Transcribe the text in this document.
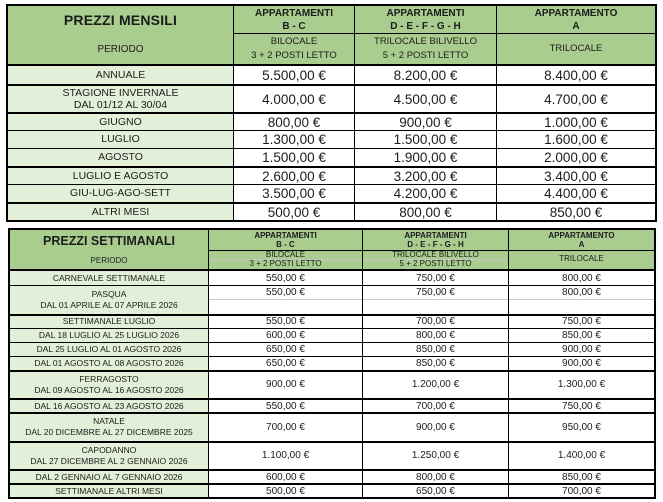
PREZZI MENSILI
PERIODO
APPARTAMENTI
B - C
BILOCALE
3 + 2 POSTI LETTO
APPARTAMENTI
D - E - F - G - H
TRILOCALE BILIVELLO
5 + 2 POSTI LETTO
APPARTAMENTO
A
TRILOCALE
ANNUALE	5.500,00 €	8.200,00 €	8.400,00 €
STAGIONE INVERNALE
DAL 01/12 AL 30/04	4.000,00 €	4.500,00 €	4.700,00 €
GIUGNO	800,00 €	900,00 €	1.000,00 €
LUGLIO	1.300,00 €	1.500,00 €	1.600,00 €
AGOSTO	1.500,00 €	1.900,00 €	2.000,00 €
LUGLIO E AGOSTO	2.600,00 €	3.200,00 €	3.400,00 €
GIU-LUG-AGO-SETT	3.500,00 €	4.200,00 €	4.400,00 €
ALTRI MESI	500,00 €	800,00 €	850,00 €
PREZZI SETTIMANALI
PERIODO
APPARTAMENTI
B - C
BILOCALE
3 + 2 POSTI LETTO
APPARTAMENTI
D - E - F - G - H
TRILOCALE BILIVELLO
5 + 2 POSTI LETTO
APPARTAMENTO
A
TRILOCALE
CARNEVALE SETTIMANALE	550,00 €	750,00 €	800,00 €
PASQUA
DAL 01 APRILE AL 07 APRILE 2026
550,00 €	750,00 €	800,00 €
SETTIMANALE LUGLIO	550,00 €	700,00 €	750,00 €
DAL 18 LUGLIO AL 25 LUGLIO 2026	600,00 €	800,00 €	850,00 €
DAL 25 LUGLIO AL 01 AGOSTO 2026	650,00 €	850,00 €	900,00 €
DAL 01 AGOSTO AL 08 AGOSTO 2026	650,00 €	850,00 €	900,00 €
FERRAGOSTO
DAL 09 AGOSTO AL 16 AGOSTO 2026	900,00 €	1.200,00 €	1.300,00 €
DAL 16 AGOSTO AL 23 AGOSTO 2026	550,00 €	700,00 €	750,00 €
NATALE
DAL 20 DICEMBRE AL 27 DICEMBRE 2025	700,00 €	900,00 €	950,00 €
CAPODANNO
DAL 27 DICEMBRE AL 2 GENNAIO 2026	1.100,00 €	1.250,00 €	1.400,00 €
DAL 2 GENNAIO AL 7 GENNAIO 2026	600,00 €	800,00 €	850,00 €
SETTIMANALE ALTRI MESI	500,00 €	650,00 €	700,00 €
